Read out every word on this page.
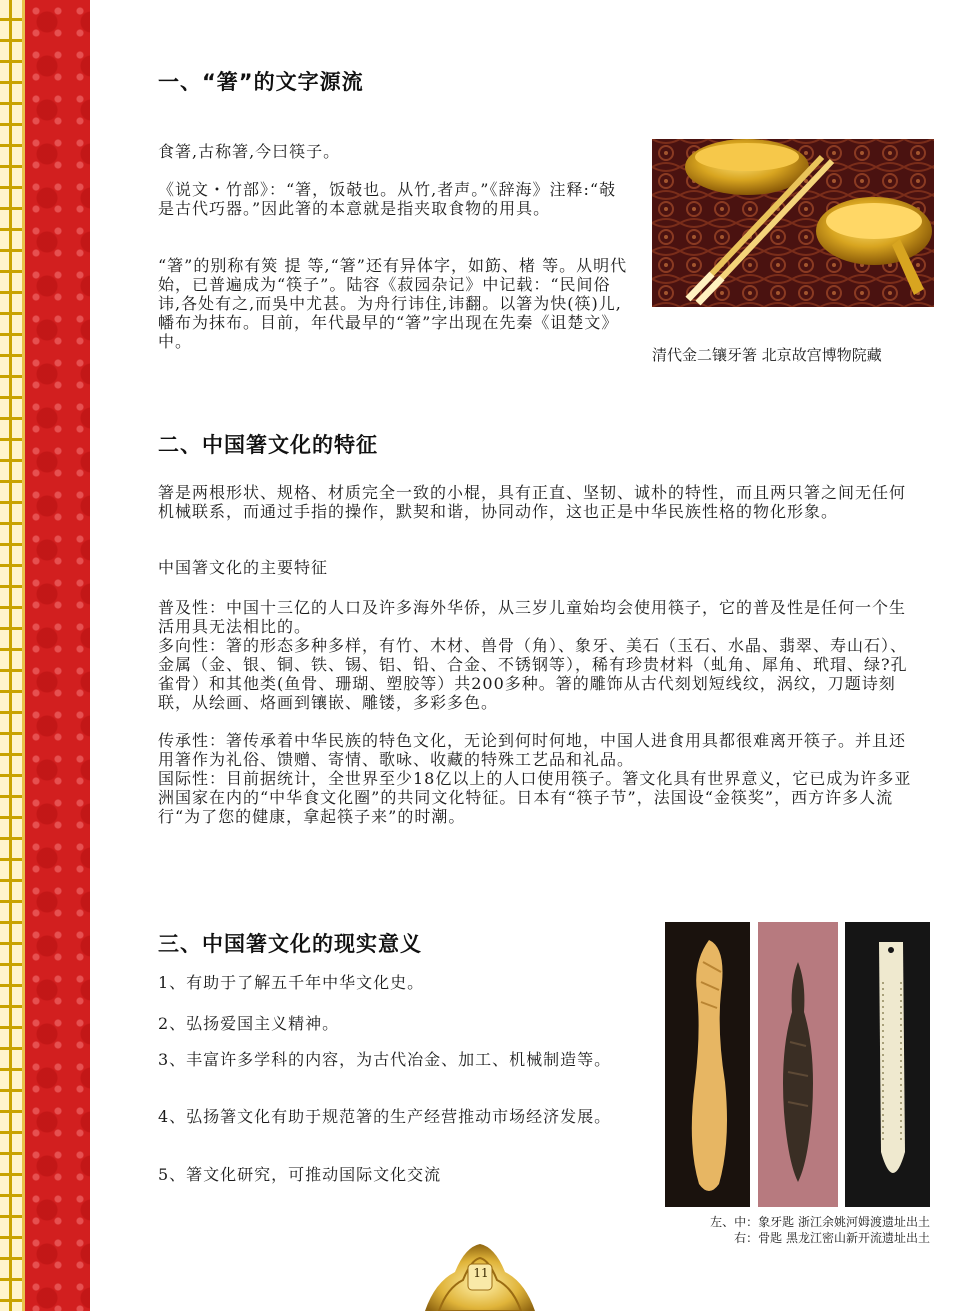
一、“箸”的文字源流
食箸,古称箸,今曰筷子。
《说文・竹部》：“箸，饭攲也。从竹,者声。”《辞海》注释:“攲是古代巧器。”因此箸的本意就是指夹取食物的用具。
“箸”的别称有筴 提 等,“箸”还有异体字，如筯、楮 等。从明代始，已普遍成为“筷子”。陆容《菽园杂记》中记载：“民间俗讳,各处有之,而吳中尤甚。为舟行讳住,讳翻。以箸为快(筷)儿,幡布为抹布。目前，年代最早的“箸”字出现在先秦《诅楚文》中。
清代金二镶牙箸 北京故宫博物院藏
二、中国箸文化的特征
箸是两根形状、规格、材质完全一致的小棍，具有正直、坚韧、诚朴的特性，而且两只箸之间无任何机械联系，而通过手指的操作，默契和谐，协同动作，这也正是中华民族性格的物化形象。
中国箸文化的主要特征
普及性：中国十三亿的人口及许多海外华侨，从三岁儿童始均会使用筷子，它的普及性是任何一个生活用具无法相比的。
多向性：箸的形态多种多样，有竹、木材、兽骨（角）、象牙、美石（玉石、水晶、翡翠、寿山石）、金属（金、银、铜、铁、锡、铝、铅、合金、不锈钢等），稀有珍贵材料（虬角、犀角、玳瑁、绿?孔雀骨）和其他类(鱼骨、珊瑚、塑胶等）共200多种。箸的雕饰从古代刻划短线纹，涡纹，刀题诗刻联，从绘画、烙画到镶嵌、雕镂，多彩多色。
传承性：箸传承着中华民族的特色文化，无论到何时何地，中国人进食用具都很难离开筷子。并且还用箸作为礼俗、馈赠、寄情、歌咏、收藏的特殊工艺品和礼品。
国际性：目前据统计，全世界至少18亿以上的人口使用筷子。箸文化具有世界意义，它已成为许多亚洲国家在内的“中华食文化圈”的共同文化特征。日本有“筷子节”，法国设“金筷奖”，西方许多人流行“为了您的健康，拿起筷子来”的时潮。
三、中国箸文化的现实意义
1、有助于了解五千年中华文化史。
2、弘扬爱国主义精神。
3、丰富许多学科的内容，为古代冶金、加工、机械制造等。
4、弘扬箸文化有助于规范箸的生产经营推动市场经济发展。
5、箸文化研究，可推动国际文化交流
左、中：象牙匙 浙江余姚河姆渡遗址出土
右：骨匙 黑龙江密山新开流遗址出土
11
